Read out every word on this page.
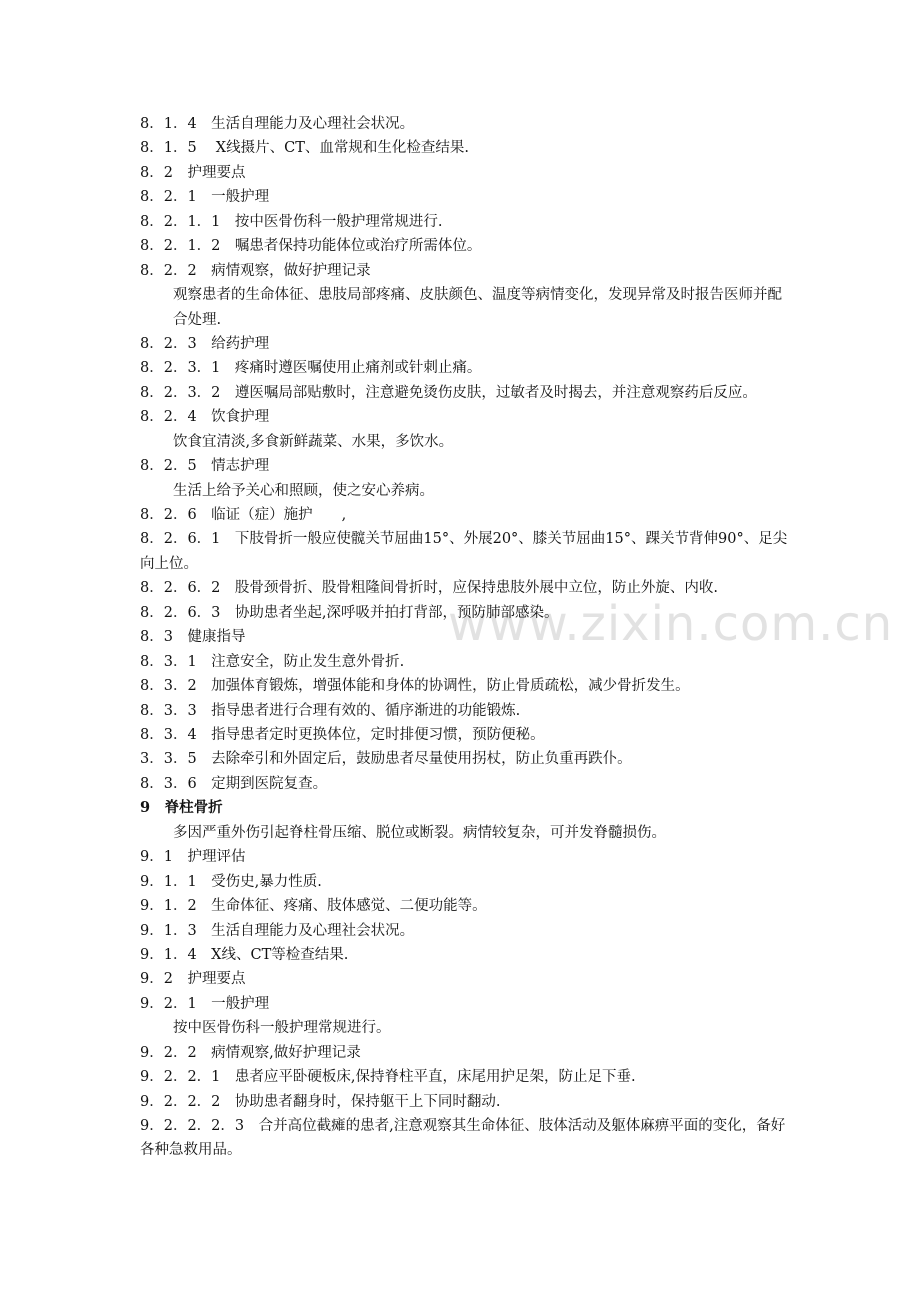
www.zixin.com.cn
8．1．4　生活自理能力及心理社会状况。
8．1．5　 X线摄片、CT、血常规和生化检查结果.
8．2　护理要点
8．2．1　一般护理
8．2．1．1　按中医骨伤科一般护理常规进行.
8．2．1．2　嘱患者保持功能体位或治疗所需体位。
8．2．2　病情观察，做好护理记录
观察患者的生命体征、患肢局部疼痛、皮肤颜色、温度等病情变化，发现异常及时报告医师并配合处理.
8．2．3　给药护理
8．2．3．1　疼痛时遵医嘱使用止痛剂或针刺止痛。
8．2．3．2　遵医嘱局部贴敷时，注意避免烫伤皮肤，过敏者及时揭去，并注意观察药后反应。
8．2．4　饮食护理
饮食宜清淡,多食新鲜蔬菜、水果，多饮水。
8．2．5　情志护理
生活上给予关心和照顾，使之安心养病。
8．2．6　临证（症）施护　　,
8．2．6．1　下肢骨折一般应使髋关节屈曲15°、外展20°、膝关节屈曲15°、踝关节背伸90°、足尖向上位。
8．2．6．2　股骨颈骨折、股骨粗隆间骨折时，应保持患肢外展中立位，防止外旋、内收.
8．2．6．3　协助患者坐起,深呼吸并拍打背部，预防肺部感染。
8．3　健康指导
8．3．1　注意安全，防止发生意外骨折.
8．3．2　加强体育锻炼，增强体能和身体的协调性，防止骨质疏松，减少骨折发生。
8．3．3　指导患者进行合理有效的、循序渐进的功能锻炼.
8．3．4　指导患者定时更换体位，定时排便习惯，预防便秘。
3．3．5　去除牵引和外固定后，鼓励患者尽量使用拐杖，防止负重再跌仆。
8．3．6　定期到医院复查。
9　脊柱骨折
多因严重外伤引起脊柱骨压缩、脱位或断裂。病情较复杂，可并发脊髓损伤。
9．1　护理评估
9．1．1　受伤史,暴力性质.
9．1．2　生命体征、疼痛、肢体感觉、二便功能等。
9．1．3　生活自理能力及心理社会状况。
9．1．4　X线、CT等检查结果.
9．2　护理要点
9．2．1　一般护理
按中医骨伤科一般护理常规进行。
9．2．2　病情观察,做好护理记录
9．2．2．1　患者应平卧硬板床,保持脊柱平直，床尾用护足架，防止足下垂.
9．2．2．2　协助患者翻身时，保持躯干上下同时翻动.
9．2．2．2．3　合并高位截瘫的患者,注意观察其生命体征、肢体活动及躯体麻痹平面的变化，备好各种急救用品。
